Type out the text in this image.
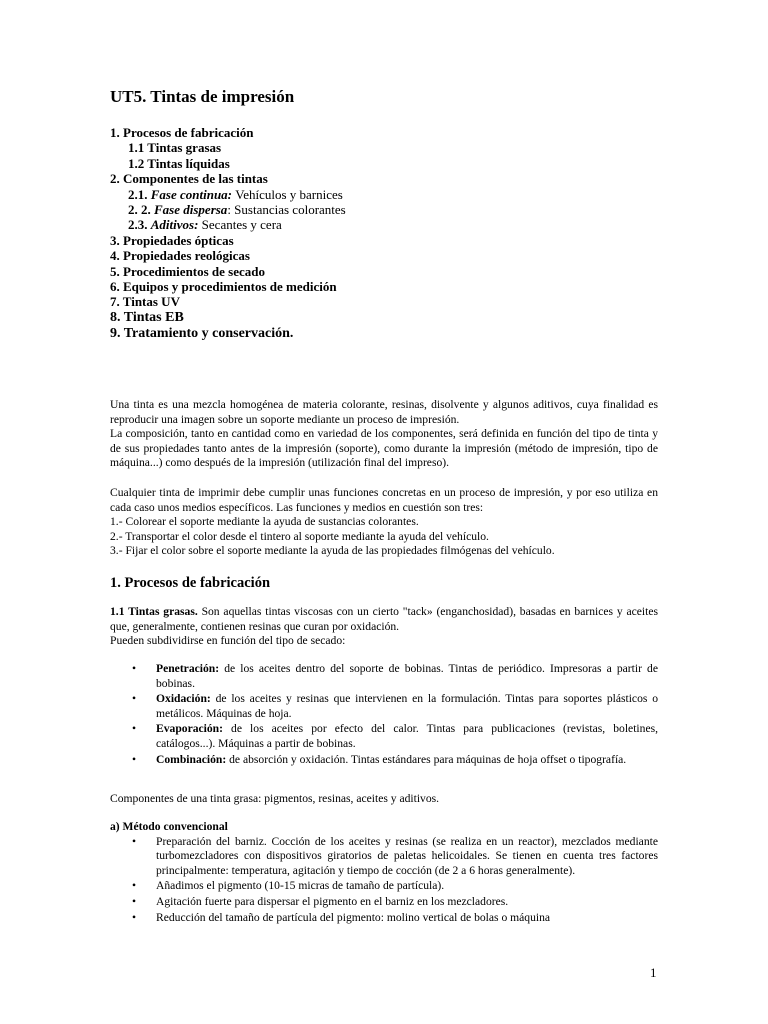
UT5. Tintas de impresión
1. Procesos de fabricación
1.1 Tintas grasas
1.2 Tintas líquidas
2. Componentes de las tintas
2.1. Fase continua: Vehículos y barnices
2. 2. Fase dispersa: Sustancias colorantes
2.3. Aditivos: Secantes y cera
3. Propiedades ópticas
4. Propiedades reológicas
5. Procedimientos de secado
6. Equipos y procedimientos de medición
7. Tintas UV
8. Tintas EB
9. Tratamiento y conservación.

Una tinta es una mezcla homogénea de materia colorante, resinas, disolvente y algunos aditivos, cuya finalidad es reproducir una imagen sobre un soporte mediante un proceso de impresión.

La composición, tanto en cantidad como en variedad de los componentes, será definida en función del tipo de tinta y de sus propiedades tanto antes de la impresión (soporte), como durante la impresión (método de impresión, tipo de máquina...) como después de la impresión (utilización final del impreso).

Cualquier tinta de imprimir debe cumplir unas funciones concretas en un proceso de impresión, y por eso utiliza en cada caso unos medios específicos. Las funciones y medios en cuestión son tres:

1.- Colorear el soporte mediante la ayuda de sustancias colorantes.

2.- Transportar el color desde el tintero al soporte mediante la ayuda del vehículo.

3.- Fijar el color sobre el soporte mediante la ayuda de las propiedades filmógenas del vehículo.

1. Procesos de fabricación

1.1 Tintas grasas. Son aquellas tintas viscosas con un cierto "tack» (enganchosidad), basadas en barnices y aceites que, generalmente, contienen resinas que curan por oxidación.

Pueden subdividirse en función del tipo de secado:

• Penetración: de los aceites dentro del soporte de bobinas. Tintas de periódico. Impresoras a partir de bobinas.
• Oxidación: de los aceites y resinas que intervienen en la formulación. Tintas para soportes plásticos o metálicos. Máquinas de hoja.
• Evaporación: de los aceites por efecto del calor. Tintas para publicaciones (revistas, boletines, catálogos...). Máquinas a partir de bobinas.
• Combinación: de absorción y oxidación. Tintas estándares para máquinas de hoja offset o tipografía.

Componentes de una tinta grasa: pigmentos, resinas, aceites y aditivos.

a) Método convencional

• Preparación del barniz. Cocción de los aceites y resinas (se realiza en un reactor), mezclados mediante turbomezcladores con dispositivos giratorios de paletas helicoidales. Se tienen en cuenta tres factores principalmente: temperatura, agitación y tiempo de cocción (de 2 a 6 horas generalmente).
• Añadimos el pigmento (10-15 micras de tamaño de partícula).
• Agitación fuerte para dispersar el pigmento en el barniz en los mezcladores.
• Reducción del tamaño de partícula del pigmento: molino vertical de bolas o máquina
1
